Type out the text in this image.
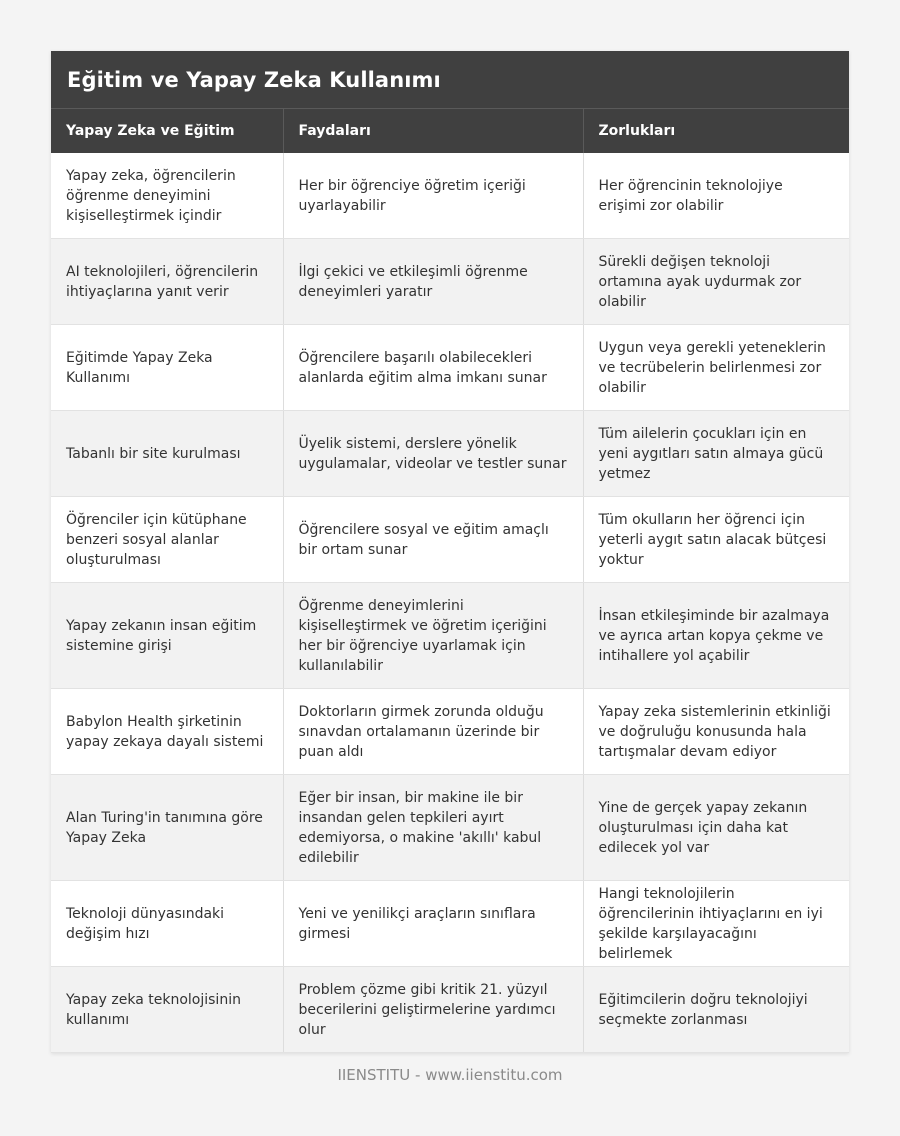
Eğitim ve Yapay Zeka Kullanımı
Yapay Zeka ve Eğitim	Faydaları	Zorlukları
Yapay zeka, öğrencilerin öğrenme deneyimini kişiselleştirmek içindir	Her bir öğrenciye öğretim içeriği uyarlayabilir	Her öğrencinin teknolojiye erişimi zor olabilir
AI teknolojileri, öğrencilerin ihtiyaçlarına yanıt verir	İlgi çekici ve etkileşimli öğrenme deneyimleri yaratır	Sürekli değişen teknoloji ortamına ayak uydurmak zor olabilir
Eğitimde Yapay Zeka Kullanımı	Öğrencilere başarılı olabilecekleri alanlarda eğitim alma imkanı sunar	Uygun veya gerekli yeteneklerin ve tecrübelerin belirlenmesi zor olabilir
Tabanlı bir site kurulması	Üyelik sistemi, derslere yönelik uygulamalar, videolar ve testler sunar	Tüm ailelerin çocukları için en yeni aygıtları satın almaya gücü yetmez
Öğrenciler için kütüphane benzeri sosyal alanlar oluşturulması	Öğrencilere sosyal ve eğitim amaçlı bir ortam sunar	Tüm okulların her öğrenci için yeterli aygıt satın alacak bütçesi yoktur
Yapay zekanın insan eğitim sistemine girişi	Öğrenme deneyimlerini kişiselleştirmek ve öğretim içeriğini her bir öğrenciye uyarlamak için kullanılabilir	İnsan etkileşiminde bir azalmaya ve ayrıca artan kopya çekme ve intihallere yol açabilir
Babylon Health şirketinin yapay zekaya dayalı sistemi	Doktorların girmek zorunda olduğu sınavdan ortalamanın üzerinde bir puan aldı	Yapay zeka sistemlerinin etkinliği ve doğruluğu konusunda hala tartışmalar devam ediyor
Alan Turing'in tanımına göre Yapay Zeka	Eğer bir insan, bir makine ile bir insandan gelen tepkileri ayırt edemiyorsa, o makine 'akıllı' kabul edilebilir	Yine de gerçek yapay zekanın oluşturulması için daha kat edilecek yol var
Teknoloji dünyasındaki değişim hızı	Yeni ve yenilikçi araçların sınıflara girmesi	Hangi teknolojilerin öğrencilerinin ihtiyaçlarını en iyi şekilde karşılayacağını belirlemek
Yapay zeka teknolojisinin kullanımı	Problem çözme gibi kritik 21. yüzyıl becerilerini geliştirmelerine yardımcı olur	Eğitimcilerin doğru teknolojiyi seçmekte zorlanması
IIENSTITU - www.iienstitu.com
